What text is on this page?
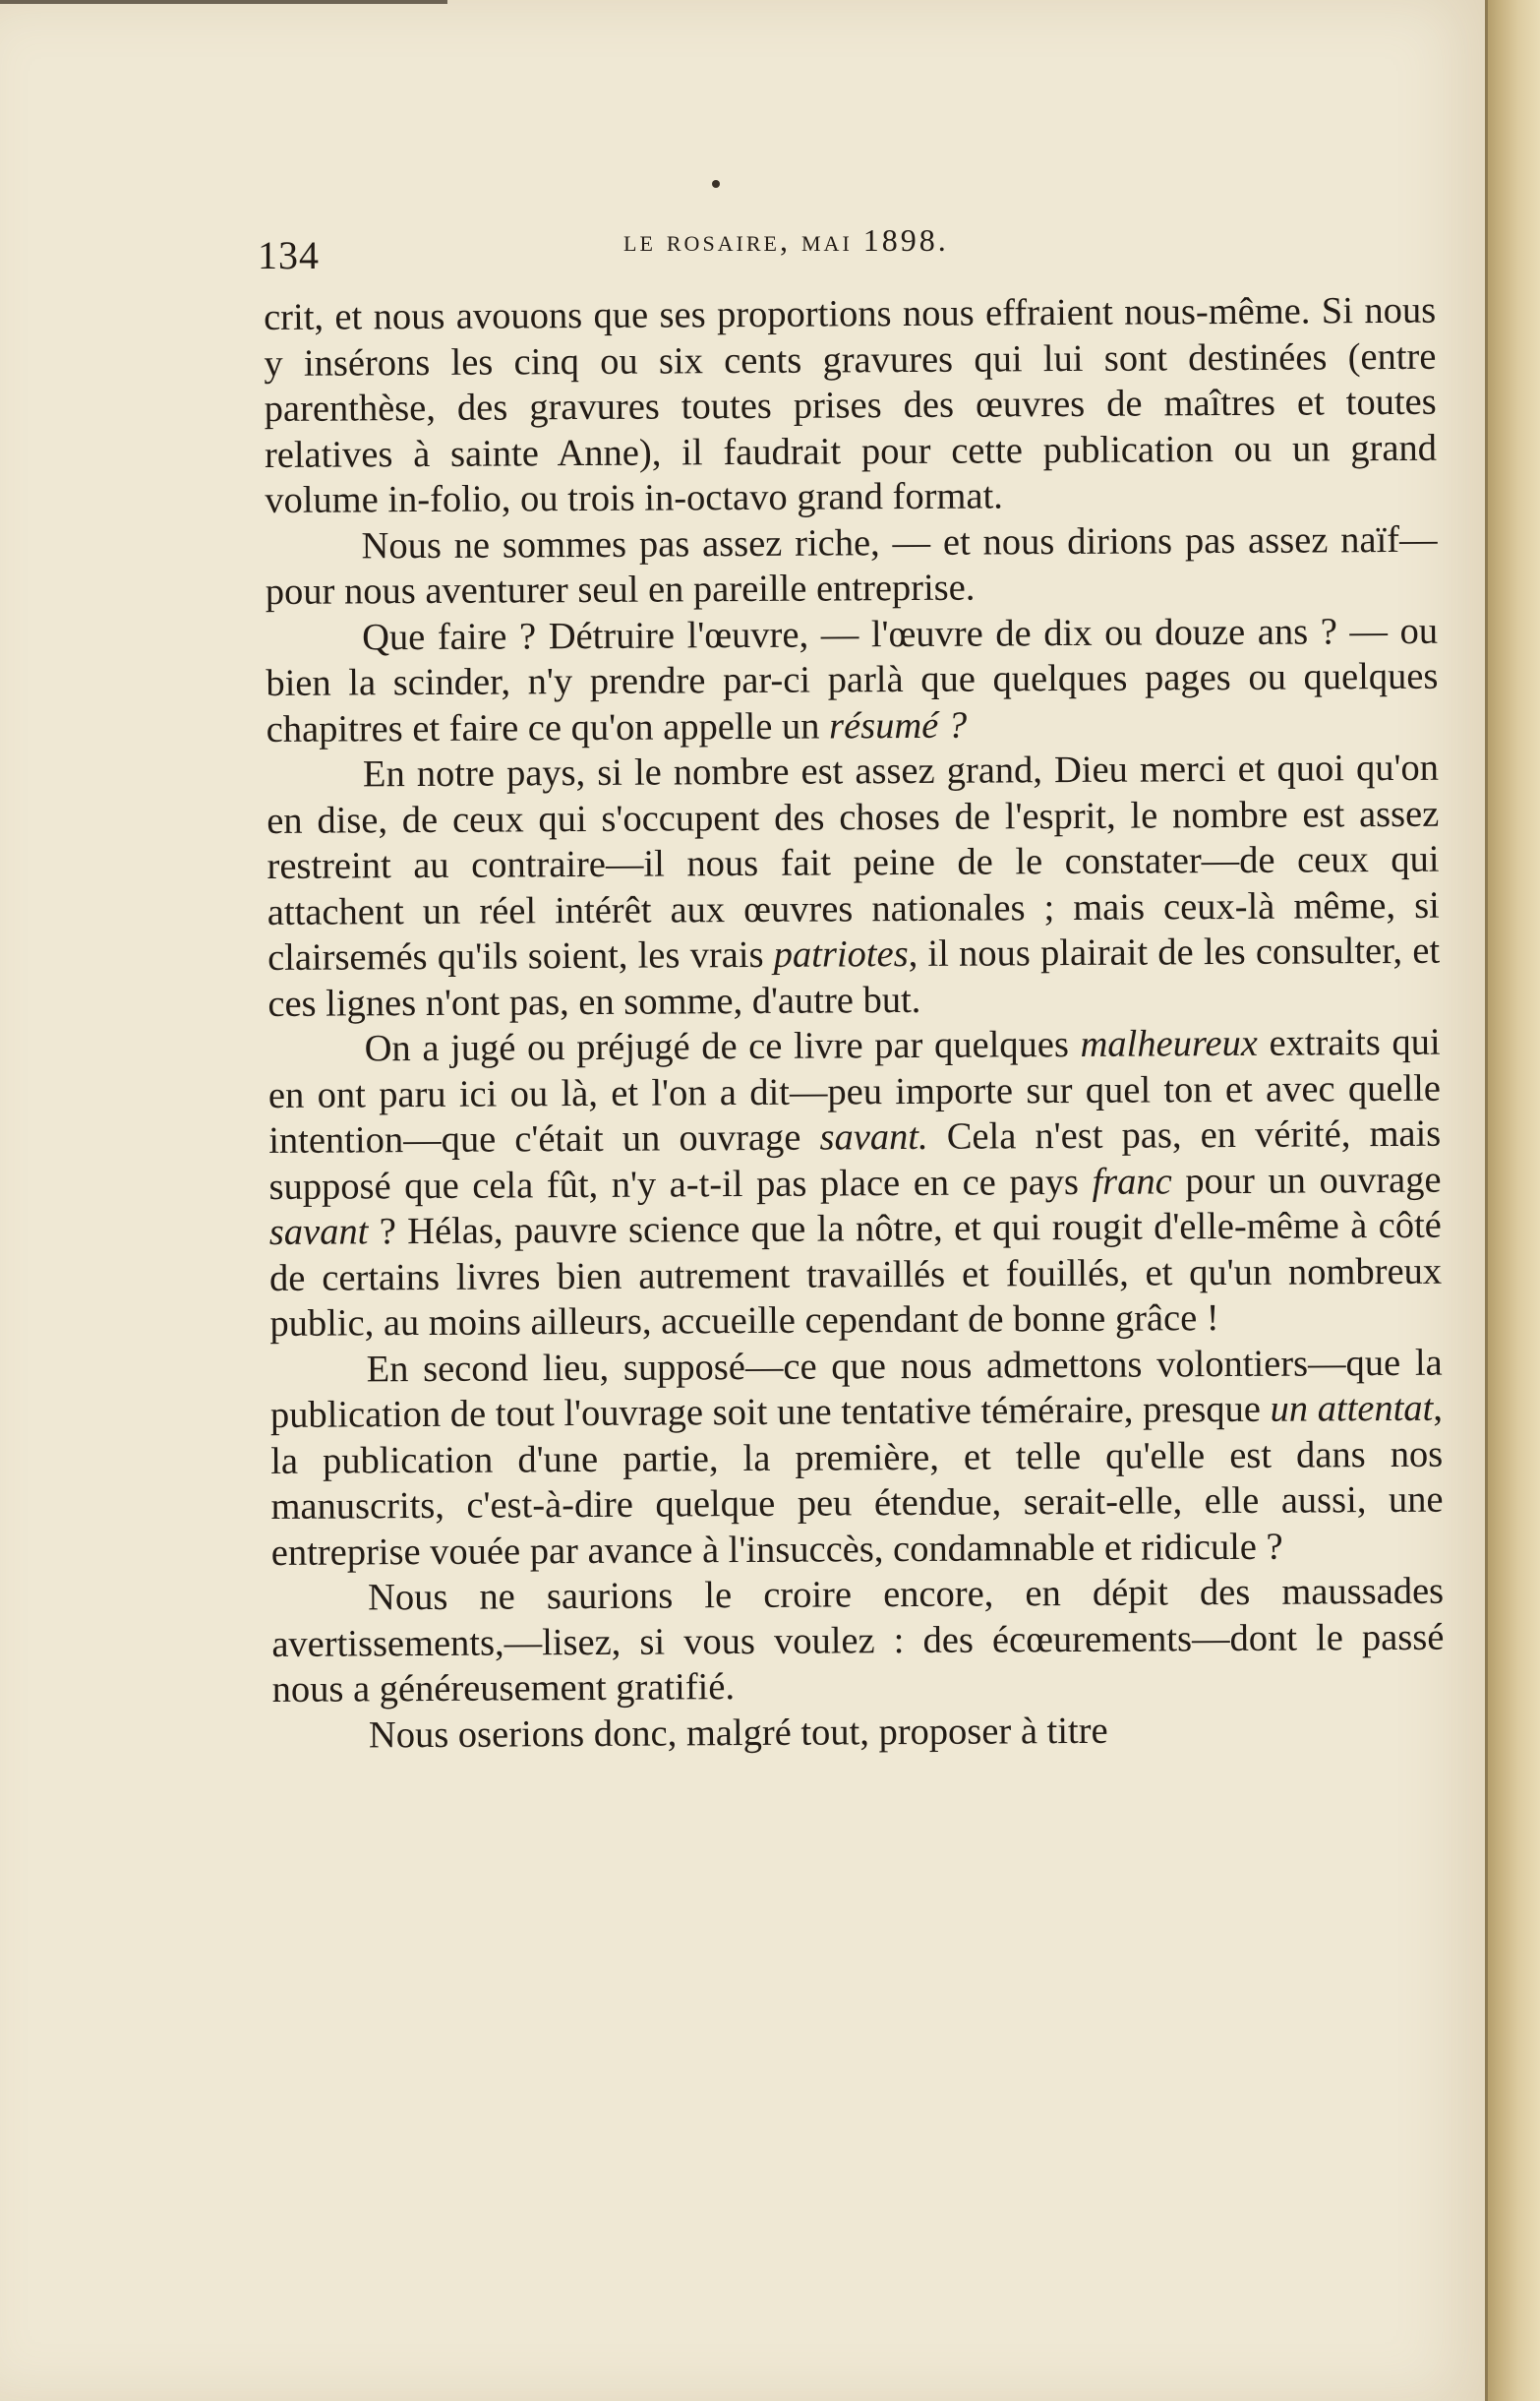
134	le rosaire, mai 1898.

crit, et nous avouons que ses proportions nous effraient nous-même. Si nous y insérons les cinq ou six cents gravures qui lui sont destinées (entre parenthèse, des gravures toutes prises des œuvres de maîtres et toutes relatives à sainte Anne), il faudrait pour cette publication ou un grand volume in-folio, ou trois in-octavo grand format.

Nous ne sommes pas assez riche, — et nous dirions pas assez naïf—pour nous aventurer seul en pareille entreprise.

Que faire ? Détruire l'œuvre, — l'œuvre de dix ou douze ans ? — ou bien la scinder, n'y prendre par-ci parlà que quelques pages ou quelques chapitres et faire ce qu'on appelle un résumé ?

En notre pays, si le nombre est assez grand, Dieu merci et quoi qu'on en dise, de ceux qui s'occupent des choses de l'esprit, le nombre est assez restreint au contraire—il nous fait peine de le constater—de ceux qui attachent un réel intérêt aux œuvres nationales ; mais ceux-là même, si clairsemés qu'ils soient, les vrais patriotes, il nous plairait de les consulter, et ces lignes n'ont pas, en somme, d'autre but.

On a jugé ou préjugé de ce livre par quelques malheureux extraits qui en ont paru ici ou là, et l'on a dit—peu importe sur quel ton et avec quelle intention—que c'était un ouvrage savant. Cela n'est pas, en vérité, mais supposé que cela fût, n'y a-t-il pas place en ce pays franc pour un ouvrage savant ? Hélas, pauvre science que la nôtre, et qui rougit d'elle-même à côté de certains livres bien autrement travaillés et fouillés, et qu'un nombreux public, au moins ailleurs, accueille cependant de bonne grâce !

En second lieu, supposé—ce que nous admettons volontiers—que la publication de tout l'ouvrage soit une tentative téméraire, presque un attentat, la publication d'une partie, la première, et telle qu'elle est dans nos manuscrits, c'est-à-dire quelque peu étendue, serait-elle, elle aussi, une entreprise vouée par avance à l'insuccès, condamnable et ridicule ?

Nous ne saurions le croire encore, en dépit des maussades avertissements,—lisez, si vous voulez : des écœurements—dont le passé nous a généreusement gratifié.

Nous oserions donc, malgré tout, proposer à titre
